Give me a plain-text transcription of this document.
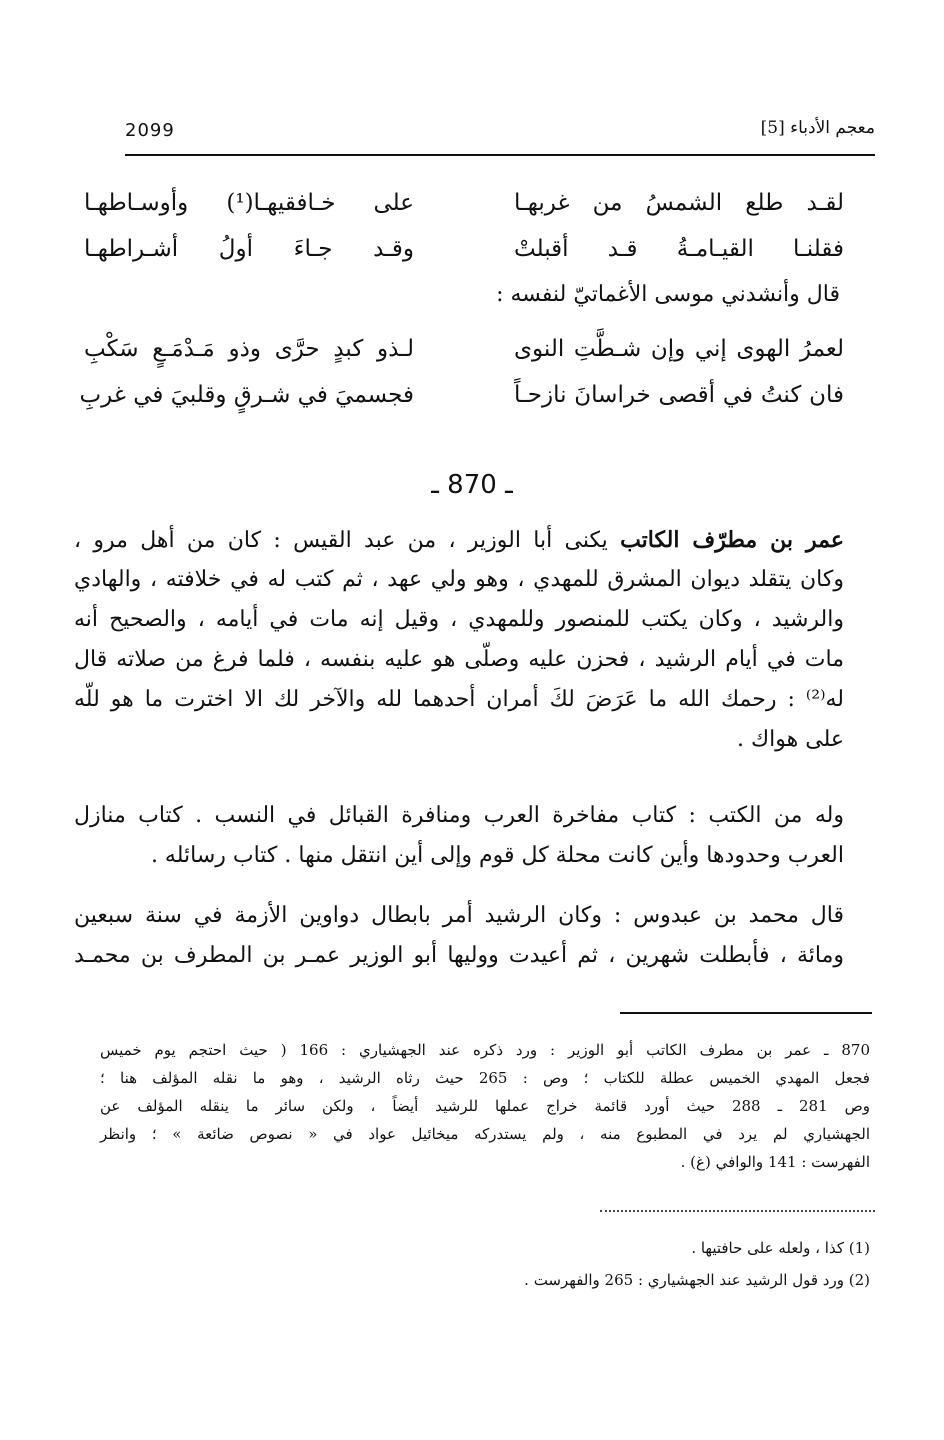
2099	معجم الأدباء [5]
لقـد طلع الشمسُ من غربهـا
على خـافقيهـا(¹) وأوسـاطهـا
فقلنـا القيـامـةُ قـد أقبلتْ
وقـد جـاءَ أولُ أشـراطهـا
قال وأنشدني موسى الأغماتيّ لنفسه :
لعمرُ الهوى إني وإن شـطَّتِ النوى
لـذو كبدٍ حرَّى وذو مَـدْمَـعٍ سَكْبِ
فان كنتُ في أقصى خراسانَ نازحـاً
فجسميَ في شـرقٍ وقلبيَ في غربِ
ـ 870 ـ
عمر بن مطرّف الكاتب يكنى أبا الوزير ، من عبد القيس : كان من أهل مرو ،
وكان يتقلد ديوان المشرق للمهدي ، وهو ولي عهد ، ثم كتب له في خلافته ، والهادي
والرشيد ، وكان يكتب للمنصور وللمهدي ، وقيل إنه مات في أيامه ، والصحيح أنه
مات في أيام الرشيد ، فحزن عليه وصلّى هو عليه بنفسه ، فلما فرغ من صلاته قال
له⁽²⁾ : رحمك الله ما عَرَضَ لكَ أمران أحدهما لله والآخر لك الا اخترت ما هو للّه
على هواك .
وله من الكتب : كتاب مفاخرة العرب ومنافرة القبائل في النسب . كتاب منازل
العرب وحدودها وأين كانت محلة كل قوم وإلى أين انتقل منها . كتاب رسائله .
قال محمد بن عبدوس : وكان الرشيد أمر بابطال دواوين الأزمة في سنة سبعين
ومائة ، فأبطلت شهرين ، ثم أعيدت ووليها أبو الوزير عمـر بن المطرف بن محمـد
870 ـ عمر بن مطرف الكاتب أبو الوزير : ورد ذكره عند الجهشياري : 166 ( حيث احتجم يوم خميس
فجعل المهدي الخميس عطلة للكتاب ؛ وص : 265 حيث رثاه الرشيد ، وهو ما نقله المؤلف هنا ؛
وص 281 ـ 288 حيث أورد قائمة خراج عملها للرشيد أيضاً ، ولكن سائر ما ينقله المؤلف عن
الجهشياري لم يرد في المطبوع منه ، ولم يستدركه ميخائيل عواد في « نصوص ضائعة » ؛ وانظر
الفهرست : 141 والوافي (غ) .
(1) كذا ، ولعله على حافتيها .
(2) ورد قول الرشيد عند الجهشياري : 265 والفهرست .
